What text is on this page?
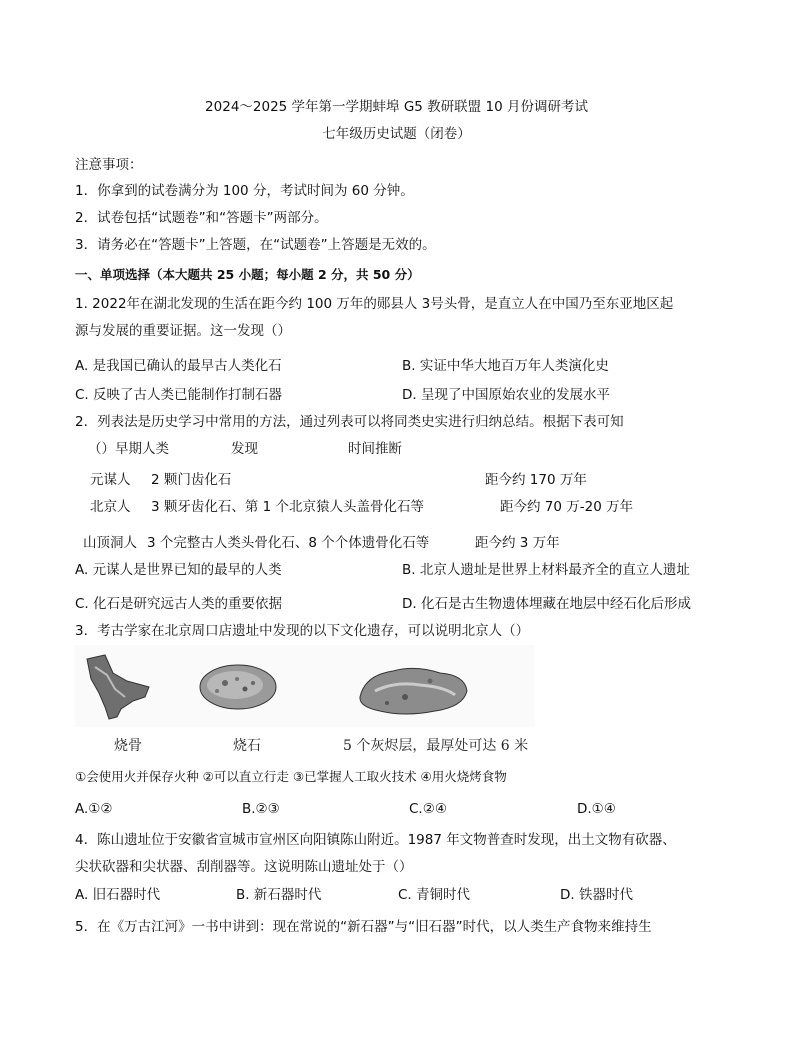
2024～2025 学年第一学期蚌埠 G5 教研联盟 10 月份调研考试
七年级历史试题（闭卷）
注意事项：
1．你拿到的试卷满分为 100 分，考试时间为 60 分钟。
2．试卷包括“试题卷”和“答题卡”两部分。
3．请务必在“答题卡”上答题，在“试题卷”上答题是无效的。
一、单项选择（本大题共 25 小题；每小题 2 分，共 50 分）
1. 2022年在湖北发现的生活在距今约 100 万年的郧县人 3号头骨，是直立人在中国乃至东亚地区起
源与发展的重要证据。这一发现（）
A. 是我国已确认的最早古人类化石	B. 实证中华大地百万年人类演化史
C. 反映了古人类已能制作打制石器	D. 呈现了中国原始农业的发展水平
2．列表法是历史学习中常用的方法，通过列表可以将同类史实进行归纳总结。根据下表可知
（）早期人类	发现	时间推断
元谋人 2 颗门齿化石	距今约 170 万年
北京人 3 颗牙齿化石、第 1 个北京猿人头盖骨化石等	距今约 70 万-20 万年
山顶洞人 3 个完整古人类头骨化石、8 个个体遗骨化石等	距今约 3 万年
A. 元谋人是世界已知的最早的人类	B. 北京人遗址是世界上材料最齐全的直立人遗址
C. 化石是研究远古人类的重要依据	D. 化石是古生物遗体埋藏在地层中经石化后形成
3．考古学家在北京周口店遗址中发现的以下文化遗存，可以说明北京人（）
烧骨	烧石	5 个灰烬层，最厚处可达 6 米
①会使用火并保存火种 ②可以直立行走 ③已掌握人工取火技术 ④用火烧烤食物
A.①②	B.②③	C.②④	D.①④
4．陈山遗址位于安徽省宣城市宣州区向阳镇陈山附近。1987 年文物普查时发现，出土文物有砍器、
尖状砍器和尖状器、刮削器等。这说明陈山遗址处于（）
A. 旧石器时代	B. 新石器时代	C. 青铜时代	D. 铁器时代
5．在《万古江河》一书中讲到：现在常说的“新石器”与“旧石器”时代，以人类生产食物来维持生
